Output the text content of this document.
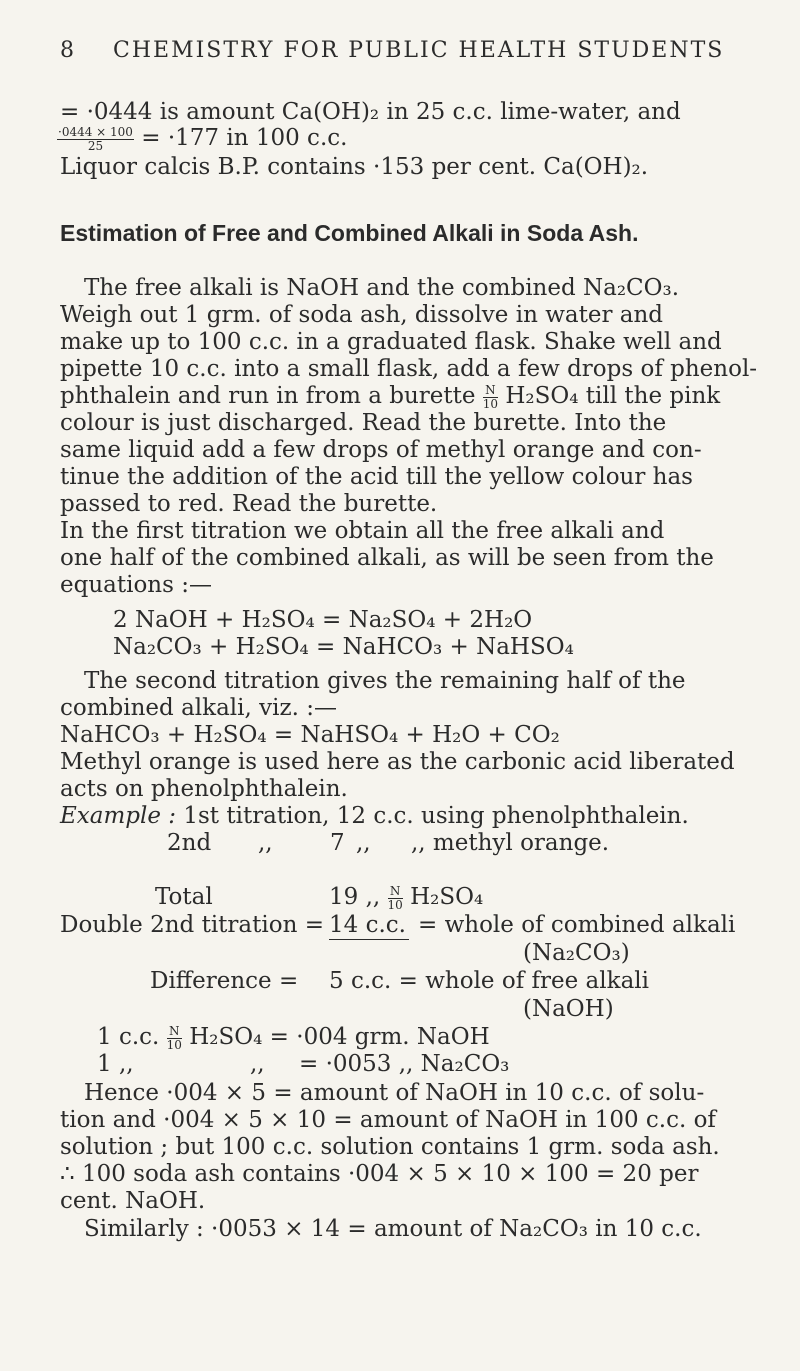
8 CHEMISTRY FOR PUBLIC HEALTH STUDENTS
= ·0444 is amount Ca(OH)₂ in 25 c.c. lime-water, and
$\frac{\cdot 0444 \times 100}{25} = \cdot 177$ in 100 c.c.
Liquor calcis B.P. contains ·153 per cent. Ca(OH)₂.
Estimation of Free and Combined Alkali in Soda Ash.
The free alkali is NaOH and the combined Na₂CO₃.
Weigh out 1 grm. of soda ash, dissolve in water and
make up to 100 c.c. in a graduated flask. Shake well and
pipette 10 c.c. into a small flask, add a few drops of phenol-
phthalein and run in from a burette $\frac{N}{10} H_2SO_4$ till the pink
colour is just discharged. Read the burette. Into the
same liquid add a few drops of methyl orange and con-
tinue the addition of the acid till the yellow colour has
passed to red. Read the burette.
In the first titration we obtain all the free alkali and
one half of the combined alkali, as will be seen from the
equations :—
2 NaOH + H₂SO₄ = Na₂SO₄ + 2H₂O
Na₂CO₃ + H₂SO₄ = NaHCO₃ + NaHSO₄
The second titration gives the remaining half of the
combined alkali, viz. :—
NaHCO₃ + H₂SO₄ = NaHSO₄ + H₂O + CO₂
Methyl orange is used here as the carbonic acid liberated
acts on phenolphthalein.
Example : 1st titration, 12 c.c. using phenolphthalein.
2nd ,, 7 ,, ,, methyl orange.
Total	19 ,, $\frac{N}{10} H_2SO_4$
Double 2nd titration = 14 c.c. = whole of combined alkali
(Na₂CO₃)
Difference = 5 c.c. = whole of free alkali
(NaOH)
1 c.c. $\frac{N}{10} H_2SO_4 = \cdot 004$ grm. NaOH
1 ,,	,, = ·0053 ,, Na₂CO₃
Hence ·004 × 5 = amount of NaOH in 10 c.c. of solu-
tion and ·004 × 5 × 10 = amount of NaOH in 100 c.c. of
solution ; but 100 c.c. solution contains 1 grm. soda ash.
∴ 100 soda ash contains ·004 × 5 × 10 × 100 = 20 per
cent. NaOH.
Similarly : ·0053 × 14 = amount of Na₂CO₃ in 10 c.c.
